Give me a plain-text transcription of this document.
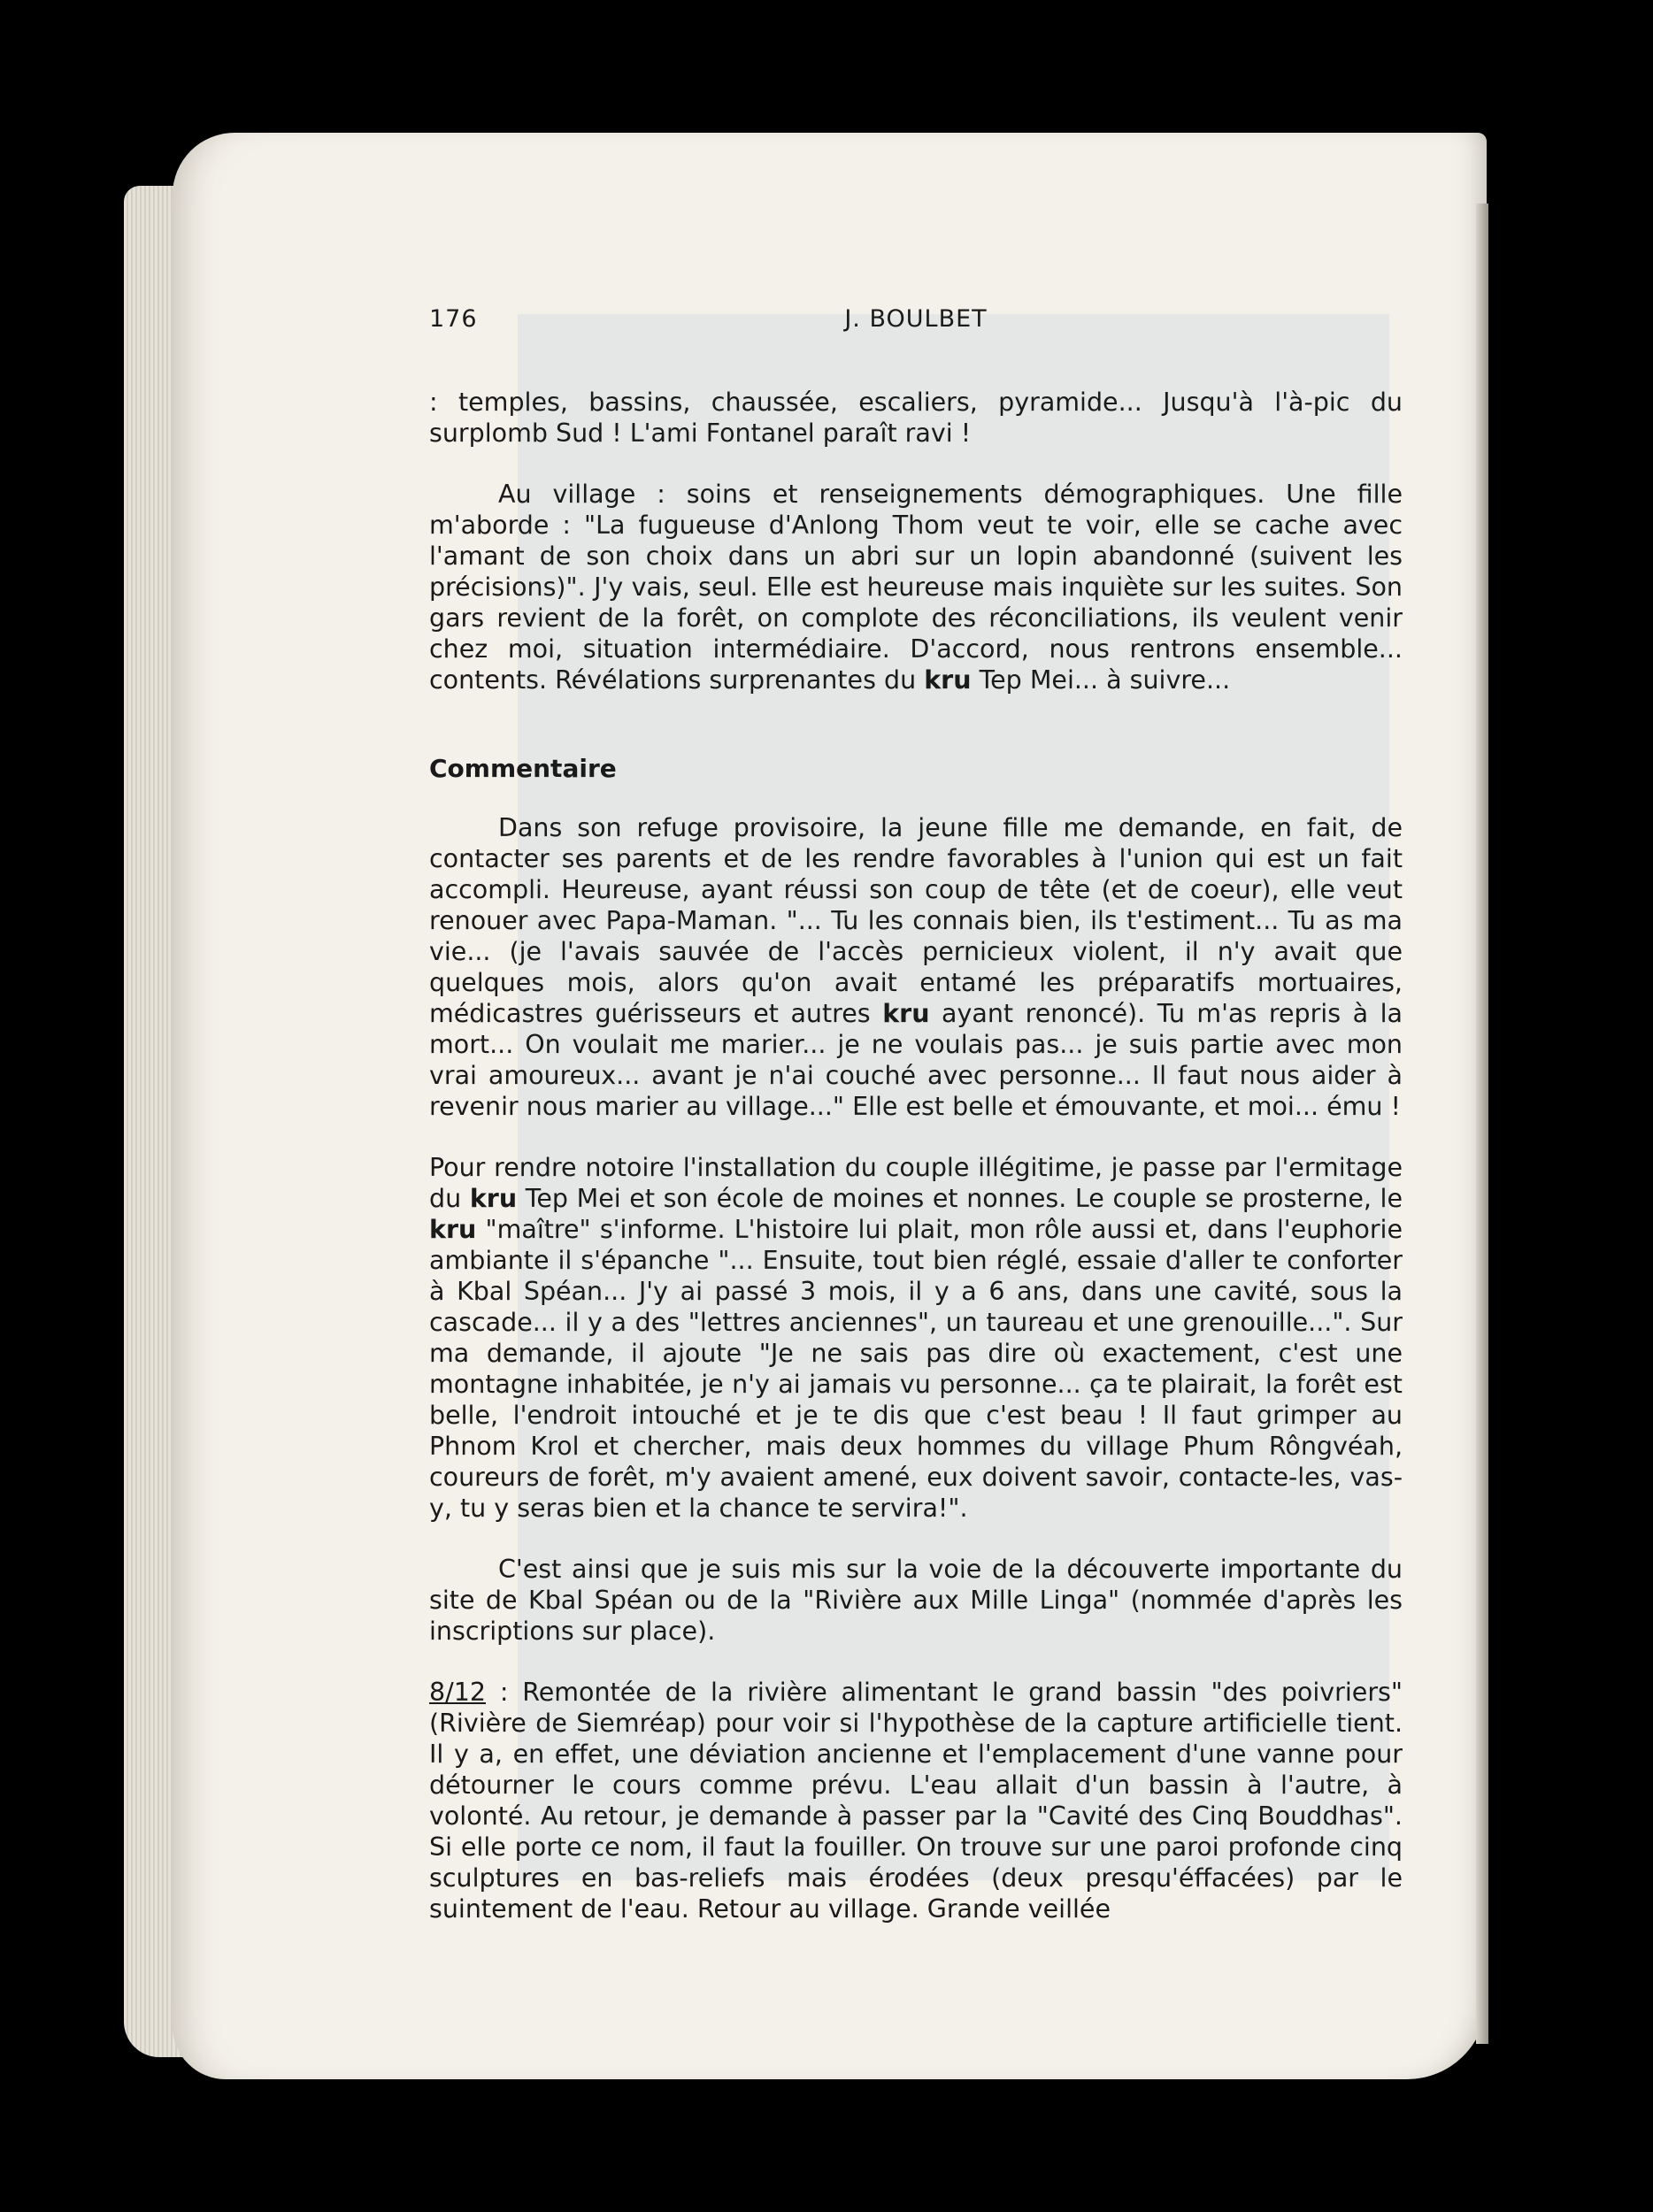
176	J. BOULBET

: temples, bassins, chaussée, escaliers, pyramide... Jusqu'à l'à-pic du surplomb Sud ! L'ami Fontanel paraît ravi !

Au village : soins et renseignements démographiques. Une fille m'aborde : "La fugueuse d'Anlong Thom veut te voir, elle se cache avec l'amant de son choix dans un abri sur un lopin abandonné (suivent les précisions)". J'y vais, seul. Elle est heureuse mais inquiète sur les suites. Son gars revient de la forêt, on complote des réconciliations, ils veulent venir chez moi, situation intermédiaire. D'accord, nous rentrons ensemble... contents. Révélations surprenantes du kru Tep Mei... à suivre...

Commentaire

Dans son refuge provisoire, la jeune fille me demande, en fait, de contacter ses parents et de les rendre favorables à l'union qui est un fait accompli. Heureuse, ayant réussi son coup de tête (et de coeur), elle veut renouer avec Papa-Maman. "... Tu les connais bien, ils t'estiment... Tu as ma vie... (je l'avais sauvée de l'accès pernicieux violent, il n'y avait que quelques mois, alors qu'on avait entamé les préparatifs mortuaires, médicastres guérisseurs et autres kru ayant renoncé). Tu m'as repris à la mort... On voulait me marier... je ne voulais pas... je suis partie avec mon vrai amoureux... avant je n'ai couché avec personne... Il faut nous aider à revenir nous marier au village..." Elle est belle et émouvante, et moi... ému !

Pour rendre notoire l'installation du couple illégitime, je passe par l'ermitage du kru Tep Mei et son école de moines et nonnes. Le couple se prosterne, le kru "maître" s'informe. L'histoire lui plait, mon rôle aussi et, dans l'euphorie ambiante il s'épanche "... Ensuite, tout bien réglé, essaie d'aller te conforter à Kbal Spéan... J'y ai passé 3 mois, il y a 6 ans, dans une cavité, sous la cascade... il y a des "lettres anciennes", un taureau et une grenouille...". Sur ma demande, il ajoute "Je ne sais pas dire où exactement, c'est une montagne inhabitée, je n'y ai jamais vu personne... ça te plairait, la forêt est belle, l'endroit intouché et je te dis que c'est beau ! Il faut grimper au Phnom Krol et chercher, mais deux hommes du village Phum Rôngvéah, coureurs de forêt, m'y avaient amené, eux doivent savoir, contacte-les, vas-y, tu y seras bien et la chance te servira!".

C'est ainsi que je suis mis sur la voie de la découverte importante du site de Kbal Spéan ou de la "Rivière aux Mille Linga" (nommée d'après les inscriptions sur place).

8/12 : Remontée de la rivière alimentant le grand bassin "des poivriers" (Rivière de Siemréap) pour voir si l'hypothèse de la capture artificielle tient. Il y a, en effet, une déviation ancienne et l'emplacement d'une vanne pour détourner le cours comme prévu. L'eau allait d'un bassin à l'autre, à volonté. Au retour, je demande à passer par la "Cavité des Cinq Bouddhas". Si elle porte ce nom, il faut la fouiller. On trouve sur une paroi profonde cinq sculptures en bas-reliefs mais érodées (deux presqu'éffacées) par le suintement de l'eau. Retour au village. Grande veillée
